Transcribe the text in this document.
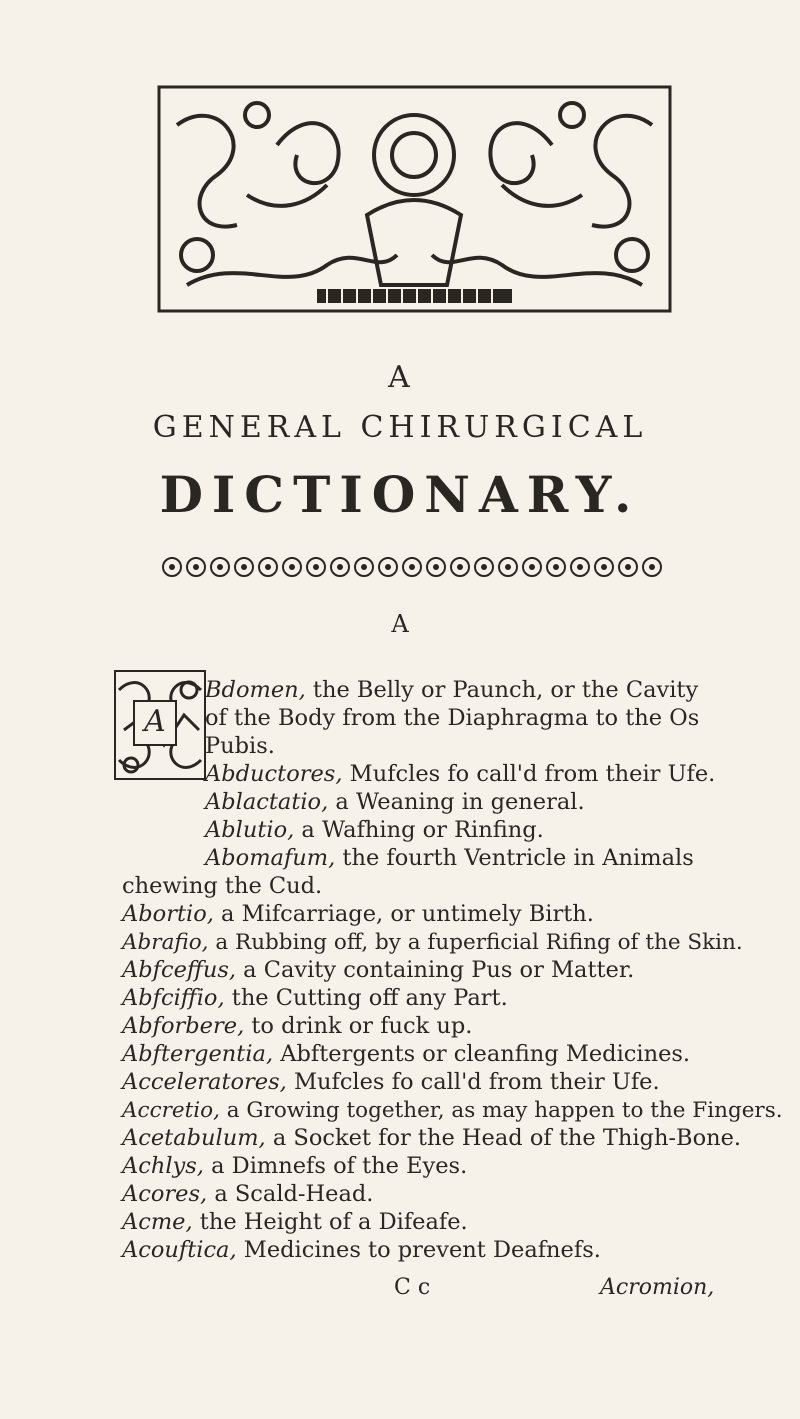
A
GENERAL CHIRURGICAL
DICTIONARY.
A
A
Bdomen, the Belly or Paunch, or the Cavity
of the Body from the Diaphragma to the Os
Pubis.
Abductores, Mufcles fo call'd from their Ufe.
Ablactatio, a Weaning in general.
Ablutio, a Wafhing or Rinfing.
Abomafum, the fourth Ventricle in Animals
chewing the Cud.
Abortio, a Mifcarriage, or untimely Birth.
Abrafio, a Rubbing off, by a fuperficial Rifing of the Skin.
Abfceffus, a Cavity containing Pus or Matter.
Abfciffio, the Cutting off any Part.
Abforbere, to drink or fuck up.
Abftergentia, Abftergents or cleanfing Medicines.
Acceleratores, Mufcles fo call'd from their Ufe.
Accretio, a Growing together, as may happen to the Fingers.
Acetabulum, a Socket for the Head of the Thigh-Bone.
Achlys, a Dimnefs of the Eyes.
Acores, a Scald-Head.
Acme, the Height of a Difeafe.
Acouftica, Medicines to prevent Deafnefs.
C c	Acromion,
